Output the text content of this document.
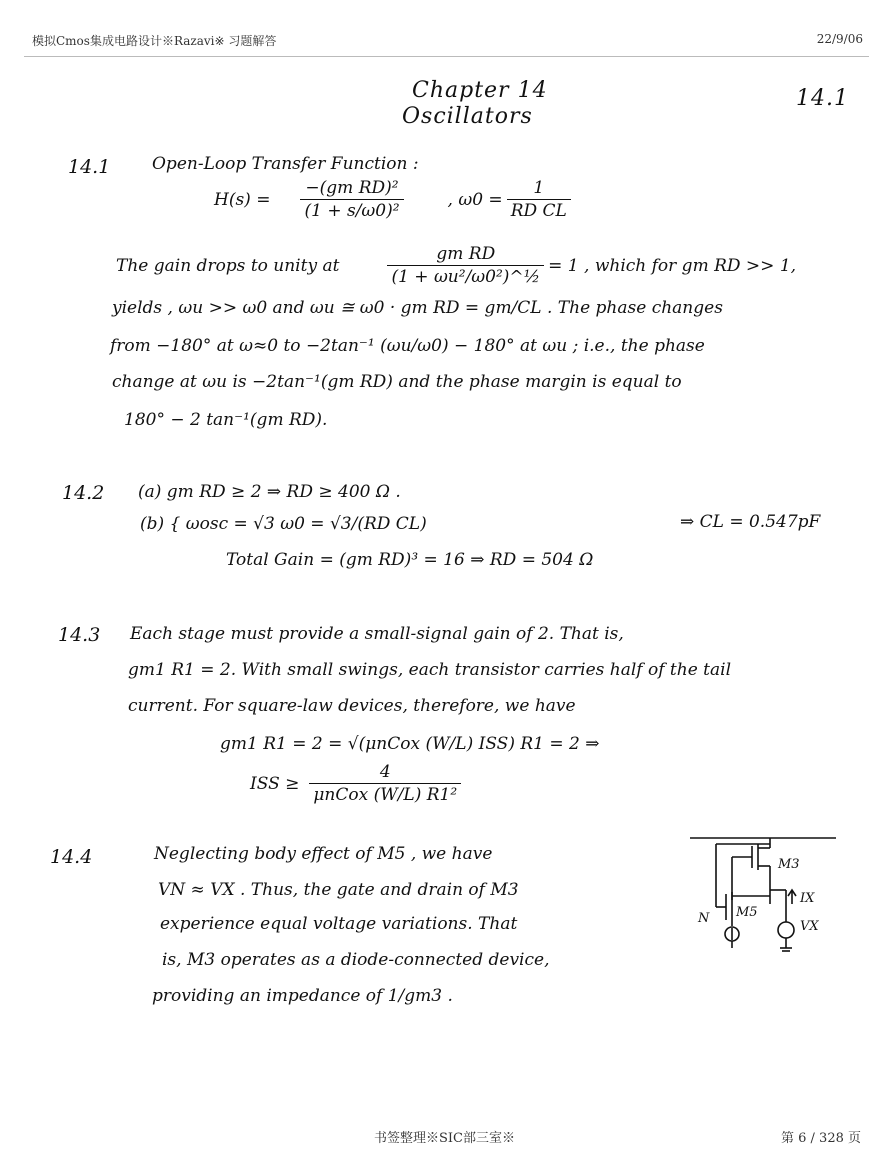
模拟Cmos集成电路设计※Razavi※ 习题解答	22/9/06
书签整理※SIC部三室※	第 6 / 328 页
Chapter 14
Oscillators
14.1
14.1 Open-Loop Transfer Function :
$H(s) = \frac{\text{−(gm RD)²}}{\text{(1 + s/ω0)²}}$	, $\omega 0 = \frac{1}{\text{RD CL}}$
The gain drops to unity at	$\frac{\text{gm RD}}{\text{(1 + ωu²/ω0²)\textasciicircum{}½}} = 1$ , which for gm RD >> 1,
yields , ωu >> ω0 and ωu ≅ ω0 · gm RD = gm/CL . The phase changes
from −180° at ω≈0 to −2tan⁻¹ (ωu/ω0) − 180° at ωu ; i.e., the phase
change at ωu is −2tan⁻¹(gm RD) and the phase margin is equal to
180° − 2 tan⁻¹(gm RD).
14.2 (a) gm RD ≥ 2 ⇒ RD ≥ 400 Ω .
(b) { ωosc = √3 ω0 = √3/(RD CL)	⇒ CL = 0.547pF
Total Gain = (gm RD)³ = 16 ⇒ RD = 504 Ω
14.3 Each stage must provide a small-signal gain of 2. That is,
gm1 R1 = 2. With small swings, each transistor carries half of the tail
current. For square-law devices, therefore, we have
gm1 R1 = 2 = √(μnCox (W/L) ISS) R1 = 2 ⇒
ISS ≥ $\frac{4}{\text{μnCox (W/L) R1²}}$
14.4	Neglecting body effect of M5 , we have
VN ≈ VX . Thus, the gate and drain of M3
experience equal voltage variations. That
is, M3 operates as a diode-connected device,
providing an impedance of 1/gm3 .
M3
M5
IX
VX
N
